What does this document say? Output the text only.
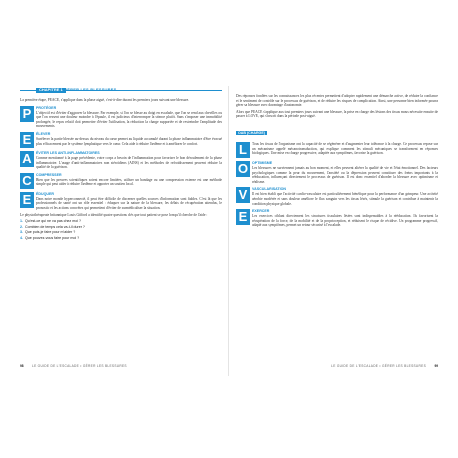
CHAPITRE 1 GÉRER LES BLESSURES

La première étape, PEACE, s'applique dans la phase aiguë, c'est-à-dire durant les premiers jours suivant une blessure.

P	PROTÉGER

L'objectif est d'éviter d'aggraver la blessure. Par exemple, si l'on se blesse au doigt en escalade, que l'on se rend aux chevilles ou que l'on ressent une douleur moindre à l'épaule, il est judicieux d'interrompre la séance plutôt. Sans s'imposer une immobilité prolongée, le repos relatif doit permettre d'éviter l'utilisation, la réduction la charge supportée et de restreindre l'amplitude des mouvements.

E	ÉLEVER

Surélever la partie blessée au-dessus du niveau du cœur permet au liquide accumulé durant la phase inflammatoire d'être évacué plus efficacement par le système lymphatique vers le cœur. Cela aide à réduire l'œdème et à améliorer le confort.

A	ÉVITER LES ANTI-INFLAMMATOIRES

Comme mentionné à la page précédente, votre corps a besoin de l'inflammation pour favoriser le bon déroulement de la phase inflammatoire. L'usage d'anti-inflammatoires non stéroïdiens (AINS) et les méthodes de refroidissement peuvent réduire la qualité de la guérison.

C	COMPRESSER

Bien que les preuves scientifiques soient encore limitées, utiliser un bandage ou une compression externe est une méthode simple qui peut aider à réduire l'œdème et apporter un soutien local.

E	ÉDUQUER

Dans notre monde hyperconnecté, il peut être difficile de discerner quelles sources d'information sont fiables. C'est là que les professionnels de santé ont un rôle essentiel : éduquer sur la nature de la blessure, les délais de récupération attendus, le pronostic et les actions concrètes qui permettent d'éviter de surmédicaliser la situation.

Le physiothérapeute britannique Louis Gifford a identifié quatre questions clés que tout patient se pose lorsqu'il cherche de l'aide :

1. Qu'est-ce qui ne va pas chez moi ?
2. Combien de temps cela va-t-il durer ?
3. Que puis-je faire pour m'aider ?
4. Que pouvez-vous faire pour moi ?
98	LE GUIDE DE L'ESCALADE • GÉRER LES BLESSURES

Des réponses fondées sur les connaissances les plus récentes permettent d'adopter rapidement une démarche active, de réduire la confiance et le sentiment de contrôle sur le processus de guérison, et de réduire les risques de complication. Ainsi, une personne bien informée pourra gérer sa blessure avec davantage d'autonomie.

Alors que PEACE s'applique aux tout premiers jours suivant une blessure, la prise en charge des lésions des tissus mous nécessite ensuite de passer à LOVE, qui s'inscrit dans la période post-aiguë.

OAB (CHARGE)
L	Tous les tissus de l'organisme ont la capacité de se régénérer et d'augmenter leur tolérance à la charge. Ce processus repose sur un mécanisme appelé mécanotransduction, qui explique comment les stimuli mécaniques se transforment en réponses biologiques. Une mise en charge progressive, adaptée aux symptômes, favorise la guérison.

O	OPTIMISME

Les blessures ne surviennent jamais au bon moment, et elles peuvent altérer la qualité de vie et l'état émotionnel. Des facteurs psychologiques comme la peur du mouvement, l'anxiété ou la dépression peuvent constituer des freins importants à la rééducation, influençant directement le processus de guérison. Il est donc essentiel d'aborder la blessure avec optimisme et réalisme.

V	VASCULARISATION

Il est bien établi que l'activité cardio-vasculaire est particulièrement bénéfique pour la performance d'un grimpeur. Une activité aérobie modérée et sans douleur améliore le flux sanguin vers les tissus lésés, stimule la guérison et contribue à maintenir la condition physique globale.

E	EXERCER

Les exercices ciblant directement les structures tissulaires lésées sont indispensables à la rééducation. Ils favorisent la récupération de la force, de la mobilité et de la proprioception, et réduisent le risque de récidive. Un programme progressif, adapté aux symptômes, permet un retour sécurisé à l'escalade.

LE GUIDE DE L'ESCALADE • GÉRER LES BLESSURES	99
